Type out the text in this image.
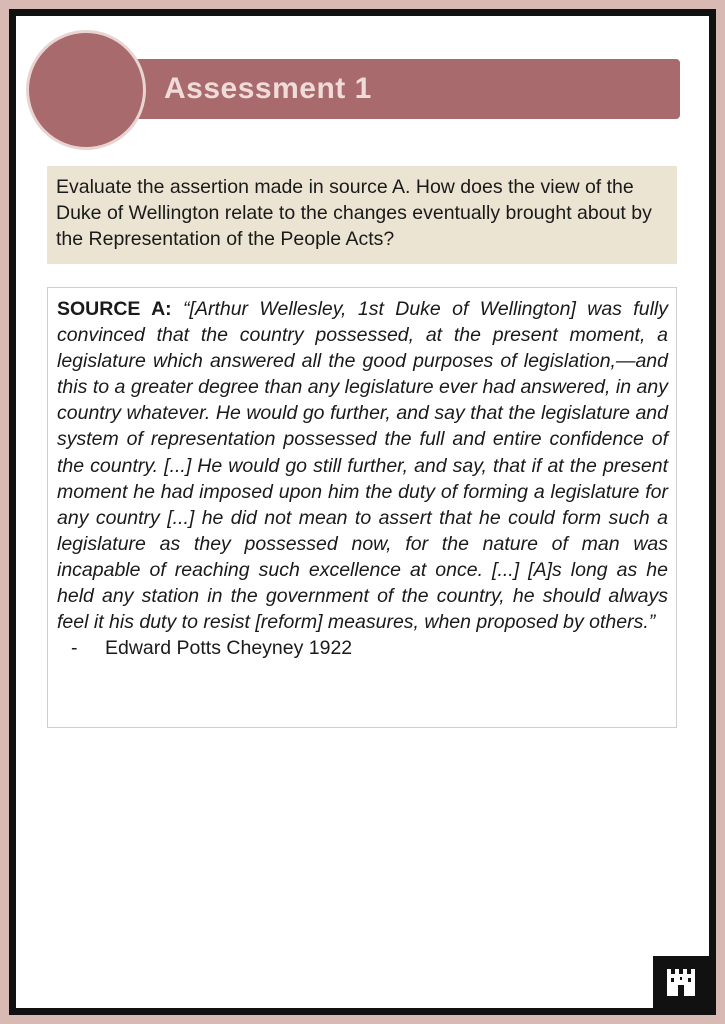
Assessment 1

Evaluate the assertion made in source A. How does the view of the Duke of Wellington relate to the changes eventually brought about by the Representation of the People Acts?

SOURCE A: “[Arthur Wellesley, 1st Duke of Wellington] was fully convinced that the country possessed, at the present moment, a legislature which answered all the good purposes of legislation,—and this to a greater degree than any legislature ever had answered, in any country whatever. He would go further, and say that the legislature and system of representation possessed the full and entire confidence of the country. [...] He would go still further, and say, that if at the present moment he had imposed upon him the duty of forming a legislature for any country [...] he did not mean to assert that he could form such a legislature as they possessed now, for the nature of man was incapable of reaching such excellence at once. [...] [A]s long as he held any station in the government of the country, he should always feel it his duty to resist [reform] measures, when proposed by others.”

-	Edward Potts Cheyney 1922
